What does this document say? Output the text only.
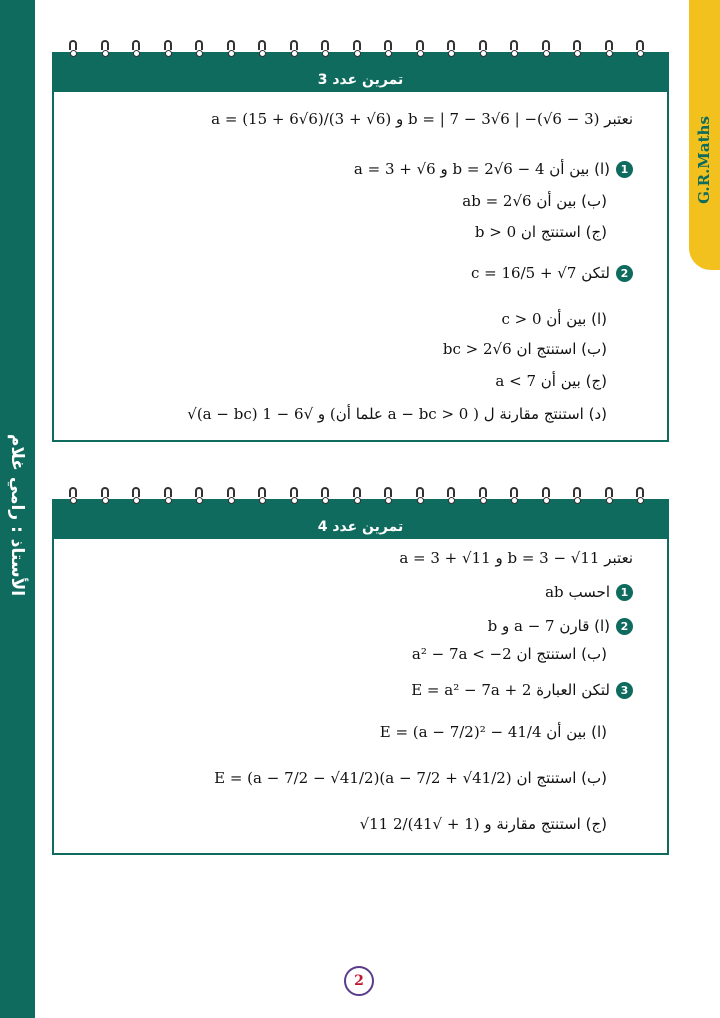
الأستاذ : رامي غلام
G.R.Maths
تمرين عدد 3
نعتبر a = (15 + 6√6)/(3 + √6) و b = | 7 − 3√6 | −(√6 − 3)
1(ا) بين أن a = 3 + √6 و b = 2√6 − 4
(ب) بين أن ab = 2√6
(ج) استنتج ان b > 0
2لتكن c = 16/5 + √7
(ا) بين أن c > 0
(ب) استنتج ان bc > 2√6
(ج) بين أن a < 7
(د) استنتج مقارنة ل √(a − bc) و √6 − 1 (علما أن a − bc > 0 )
تمرين عدد 4
نعتبر a = 3 + √11 و b = 3 − √11
1احسب ab
2(ا) قارن b و a − 7
(ب) استنتج ان a² − 7a < −2
3لتكن العبارة E = a² − 7a + 2
(ا) بين أن E = (a − 7/2)² − 41/4
(ب) استنتج ان E = (a − 7/2 − √41/2)(a − 7/2 + √41/2)
(ج) استنتج مقارنة √11 و (1 + √41)/2
2
